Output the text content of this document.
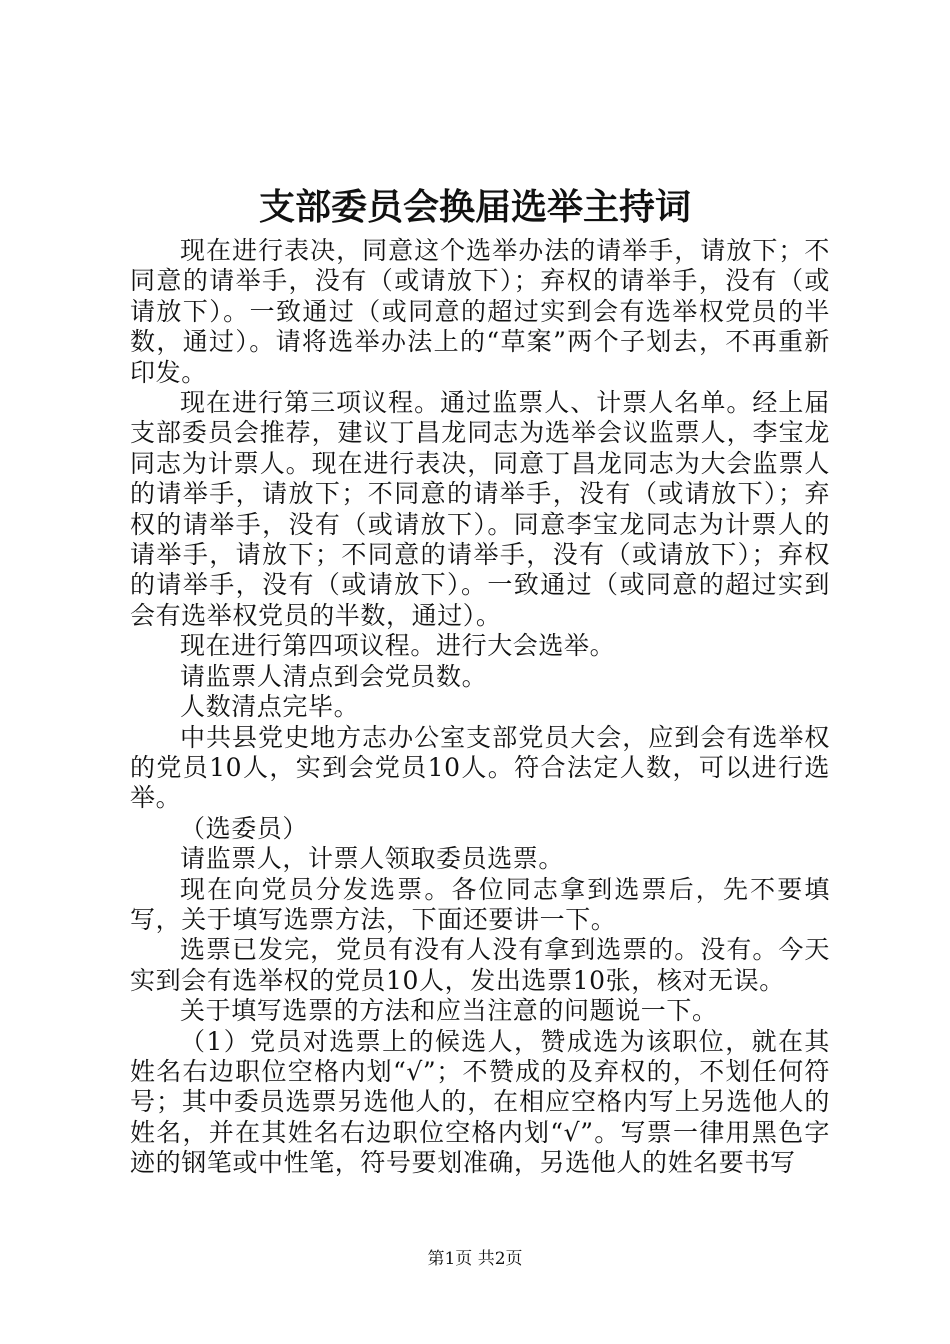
支部委员会换届选举主持词

现在进行表决，同意这个选举办法的请举手，请放下；不同意的请举手，没有（或请放下）；弃权的请举手，没有（或请放下）。一致通过（或同意的超过实到会有选举权党员的半数，通过）。请将选举办法上的“草案”两个子划去，不再重新印发。

现在进行第三项议程。通过监票人、计票人名单。经上届支部委员会推荐，建议丁昌龙同志为选举会议监票人，李宝龙同志为计票人。现在进行表决，同意丁昌龙同志为大会监票人的请举手，请放下；不同意的请举手，没有（或请放下）；弃权的请举手，没有（或请放下）。同意李宝龙同志为计票人的请举手，请放下；不同意的请举手，没有（或请放下）；弃权的请举手，没有（或请放下）。一致通过（或同意的超过实到会有选举权党员的半数，通过）。

现在进行第四项议程。进行大会选举。

请监票人清点到会党员数。

人数清点完毕。

中共县党史地方志办公室支部党员大会，应到会有选举权的党员10人，实到会党员10人。符合法定人数，可以进行选举。

（选委员）

请监票人，计票人领取委员选票。

现在向党员分发选票。各位同志拿到选票后，先不要填写，关于填写选票方法，下面还要讲一下。

选票已发完，党员有没有人没有拿到选票的。没有。今天实到会有选举权的党员10人，发出选票10张，核对无误。

关于填写选票的方法和应当注意的问题说一下。

（1）党员对选票上的候选人，赞成选为该职位，就在其姓名右边职位空格内划“√”；不赞成的及弃权的，不划任何符号；其中委员选票另选他人的，在相应空格内写上另选他人的姓名，并在其姓名右边职位空格内划“√”。写票一律用黑色字迹的钢笔或中性笔，符号要划准确，另选他人的姓名要书写

第1页 共2页
